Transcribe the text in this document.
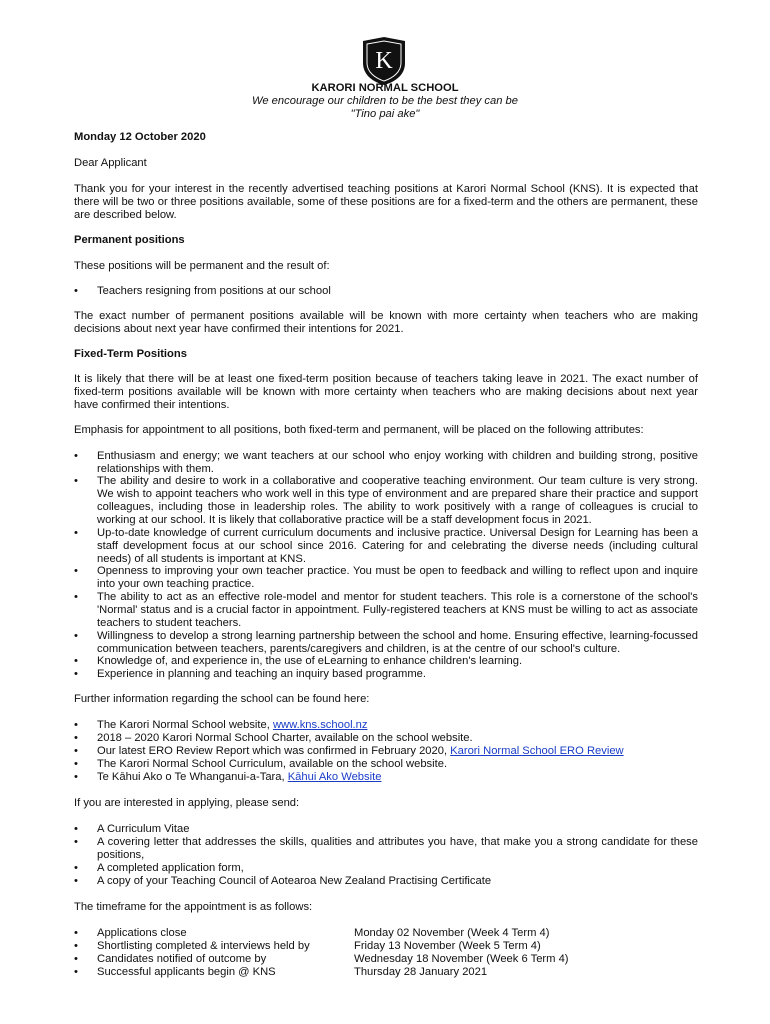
K
KARORI NORMAL SCHOOL
We encourage our children to be the best they can be
"Tino pai ake"

Monday 12 October 2020

Dear Applicant

Thank you for your interest in the recently advertised teaching positions at Karori Normal School (KNS). It is expected that there will be two or three positions available, some of these positions are for a fixed-term and the others are permanent, these are described below.

Permanent positions

These positions will be permanent and the result of:

•	Teachers resigning from positions at our school

The exact number of permanent positions available will be known with more certainty when teachers who are making decisions about next year have confirmed their intentions for 2021.

Fixed-Term Positions

It is likely that there will be at least one fixed-term position because of teachers taking leave in 2021. The exact number of fixed-term positions available will be known with more certainty when teachers who are making decisions about next year have confirmed their intentions.

Emphasis for appointment to all positions, both fixed-term and permanent, will be placed on the following attributes:

•	Enthusiasm and energy; we want teachers at our school who enjoy working with children and building strong, positive relationships with them.
•	The ability and desire to work in a collaborative and cooperative teaching environment. Our team culture is very strong. We wish to appoint teachers who work well in this type of environment and are prepared share their practice and support colleagues, including those in leadership roles. The ability to work positively with a range of colleagues is crucial to working at our school. It is likely that collaborative practice will be a staff development focus in 2021.
•	Up-to-date knowledge of current curriculum documents and inclusive practice. Universal Design for Learning has been a staff development focus at our school since 2016. Catering for and celebrating the diverse needs (including cultural needs) of all students is important at KNS.
•	Openness to improving your own teacher practice. You must be open to feedback and willing to reflect upon and inquire into your own teaching practice.
•	The ability to act as an effective role-model and mentor for student teachers. This role is a cornerstone of the school's 'Normal' status and is a crucial factor in appointment. Fully-registered teachers at KNS must be willing to act as associate teachers to student teachers.
•	Willingness to develop a strong learning partnership between the school and home. Ensuring effective, learning-focussed communication between teachers, parents/caregivers and children, is at the centre of our school's culture.
•	Knowledge of, and experience in, the use of eLearning to enhance children's learning.
•	Experience in planning and teaching an inquiry based programme.

Further information regarding the school can be found here:

•	The Karori Normal School website, www.kns.school.nz
•	2018 – 2020 Karori Normal School Charter, available on the school website.
•	Our latest ERO Review Report which was confirmed in February 2020, Karori Normal School ERO Review
•	The Karori Normal School Curriculum, available on the school website.
•	Te Kāhui Ako o Te Whanganui-a-Tara, Kāhui Ako Website

If you are interested in applying, please send:

•	A Curriculum Vitae
•	A covering letter that addresses the skills, qualities and attributes you have, that make you a strong candidate for these positions,
•	A completed application form,
•	A copy of your Teaching Council of Aotearoa New Zealand Practising Certificate

The timeframe for the appointment is as follows:

•	Applications close	Monday 02 November (Week 4 Term 4)
•	Shortlisting completed & interviews held by	Friday 13 November (Week 5 Term 4)
•	Candidates notified of outcome by	Wednesday 18 November (Week 6 Term 4)
•	Successful applicants begin @ KNS	Thursday 28 January 2021
